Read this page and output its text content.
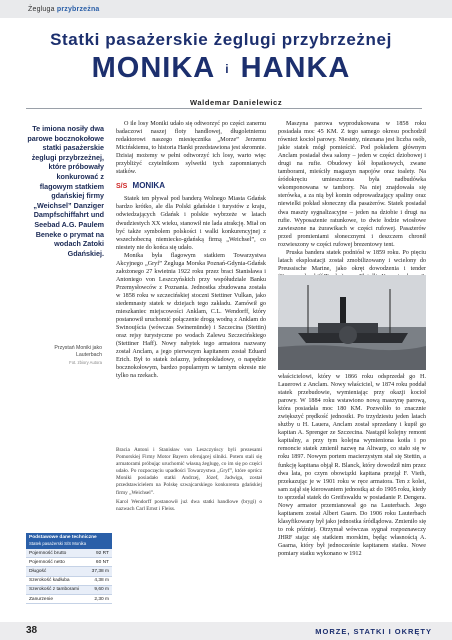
Żegluga przybrzeżna
Statki pasażerskie żeglugi przybrzeżnej
MONIKA i HANKA
Waldemar Danielewicz
Te imiona nosiły dwa parowe bocznokołowe statki pasażerskie żeglugi przybrzeżnej, które próbowały konkurować z flagowym statkiem gdańskiej firmy „Weichsel” Danziger Dampfschiffahrt und Seebad A.G. Paulem Beneke o prymat na wodach Zatoki Gdańskiej.
Przystań Moniki jako Lauterbach
Fot. zbiory Autora

O ile losy Moniki udało się odtworzyć po części zanernu badaczowi naszej floty handlowej, długoletniemu redaktorowi naszego miesięcznika „Morze” Jerzemu Micińskiemu, to historia Hanki przedstawiona jest skromnie. Dzisiaj możemy w pełni odtworzyć ich losy, warto więc przybliżyć czytelnikom sylwetki tych zapomnianych statków.

S/S MONIKA

Statek ten pływał pod banderą Wolnego Miasta Gdańsk bardzo krótko, ale dla Polski gdańskie i turystów z kraju, odwiedzających Gdańsk i polskie wybrzeże w latach dwudziestych XX wieku, stanowił nie lada atrakcję. Miał on być także symbolem polskości i walki konkurencyjnej z wszechobecną niemiecko-gdańską firmą „Weichsel”, co niestety nie do końca się udało.

Monika była flagowym statkiem Towarzystwa Akcyjnego „Gryf” Żegluga Morska Poznań-Gdynia-Gdańsk założonego 27 kwietnia 1922 roku przez braci Stanisława i Antoniego von Leszczyńskich przy współudziale Banku Przemysłowców z Poznania. Jednostka zbudowana została w 1858 roku w szczecińskiej stoczni Stettiner Vulkan, jako siedemnasty statek w dziejach tego zakładu. Zamówił go mieszkaniec miejscowości Anklam, C.L. Wendorff, który postanowił uruchomić połączenie drogą wodną z Anklam do Swinoujścia (wówczas Swinemünde) i Szczecina (Stettin) oraz rejsy turystyczne po wodach Zalewu Szczecińskiego (Stettiner Haff). Nowy nabytek tego armatora nazwany został Anclam, a jego pierwszym kapitanem został Eduard Erich. Był to statek żelazny, jednopokładowy, o napędzie bocznokołowym, bardzo popularnym w tamtym okresie nie tylko na rzekach.

Bracia Antoni i Stanisław von Leszczyńscy byli prezesami Pomorskiej Firmy Motor Bayern oferującej silniki. Potem stali się armatorami próbując uruchomić własną żeglugę, co im się po części udało. Po rozpoczęciu upadłości Towarzystwa „Gryf”, które oprócz Moniki posiadało statki Andrzej, Józef, Jadwiga, został przedstawicielem na Polskę szwajcarskiego konkurenta gdańskiej firmy „Weichsel”.

Karol Wendorff postanowił już dwa statki handlowe (brygi) o nazwach Carl Ernst i Fleiss.

Maszyna parowa wyprodukowana w 1858 roku posiadała moc 45 KM. Z tego samego okresu pochodził również kocioł parowy. Niestety, nieznana jest liczba osób, jakie statek mógł pomieścić. Pod pokładem głównym Anclam posiadał dwa salony – jeden w części dziobowej i drugi na rufie. Obudowy kół łopatkowych, zwane tamborami, mieściły magazyn napojów oraz toalety. Na śródokręciu umieszczona była nadbudówka wkomponowana w tambory. Na niej znajdowała się sterówka, a za nią był komin odprowadzający spaliny oraz niewielki pokład słoneczny dla pasażerów. Statek posiadał dwa maszty sygnalizacyjne – jeden na dziobie i drugi na rufie. Wyposażenie ratunkowe, to dwie łodzie wiosłowe zawieszone na żurawikach w części rufowej. Pasażerów przed promieniami słonecznymi i deszczem chronił rozwieszony w części rufowej brezentowy tent.

Pruska bandera statek podniósł w 1859 roku. Po pięciu latach eksploatacji został zmobilizowany i wcielony do Preussische Marine, jako okręt dowodzenia i tender

właścicielowi, który w 1866 roku odsprzedał go H. Lauerowi z Anclam. Nowy właściciel, w 1874 roku poddał statek przebudowie, wymieniając przy okazji kocioł parowy. W 1884 roku wstawiono nową maszynę parową, która posiadała moc 180 KM. Pozwoliło to znacznie zwiększyć prędkość jednostki. Po trzydziestu jeden latach służby u H. Lauera, Anclam został sprzedany i kupił go kapitan A. Sprenger ze Szczecina. Nastąpił kolejny remont kapitalny, a przy tym kolejna wymieniona kotła i po remoncie statek zmienił nazwę na Altwarp, co stało się w roku 1897. Nowym portem macierzystym stał się Stettin, a funkcję kapitana objął R. Blanck, który dowodził nim przez dwa lata, po czym obowiązki kapitana przejął F. Vieth, przekazując je w 1901 roku w ręce armatora. Ten z kolei, sam zajął się kierowaniem jednostką aż do 1905 roku, kiedy to sprzedał statek do Greifswaldu w posiadanie P. Dengera. Nowy armator przemianował go na Lauterbach. Jego kapitanem został Albert Gaarn. Do 1906 roku Lauterbach klasyfikowany był jako jednostka śródlądowa. Zmieniło się to rok później. Otrzymał wówczas sygnał rozpoznawczy JHRF stając się statkiem morskim, będąc własnością A. Gaarna, który był jednocześnie kapitanem statku. Nowe pomiary statku wykonano w 1912

Podstawowe dane techniczne
Statek pasażerski S/S Monika
Pojemność brutto	92 RT
Pojemność netto	60 NT
Długość	37,38 m
Szerokość kadłuba	4,38 m
Szerokość z tamborami	9,60 m
Zanurzenie	2,30 m
38	MORZE, STATKI I OKRĘTY
